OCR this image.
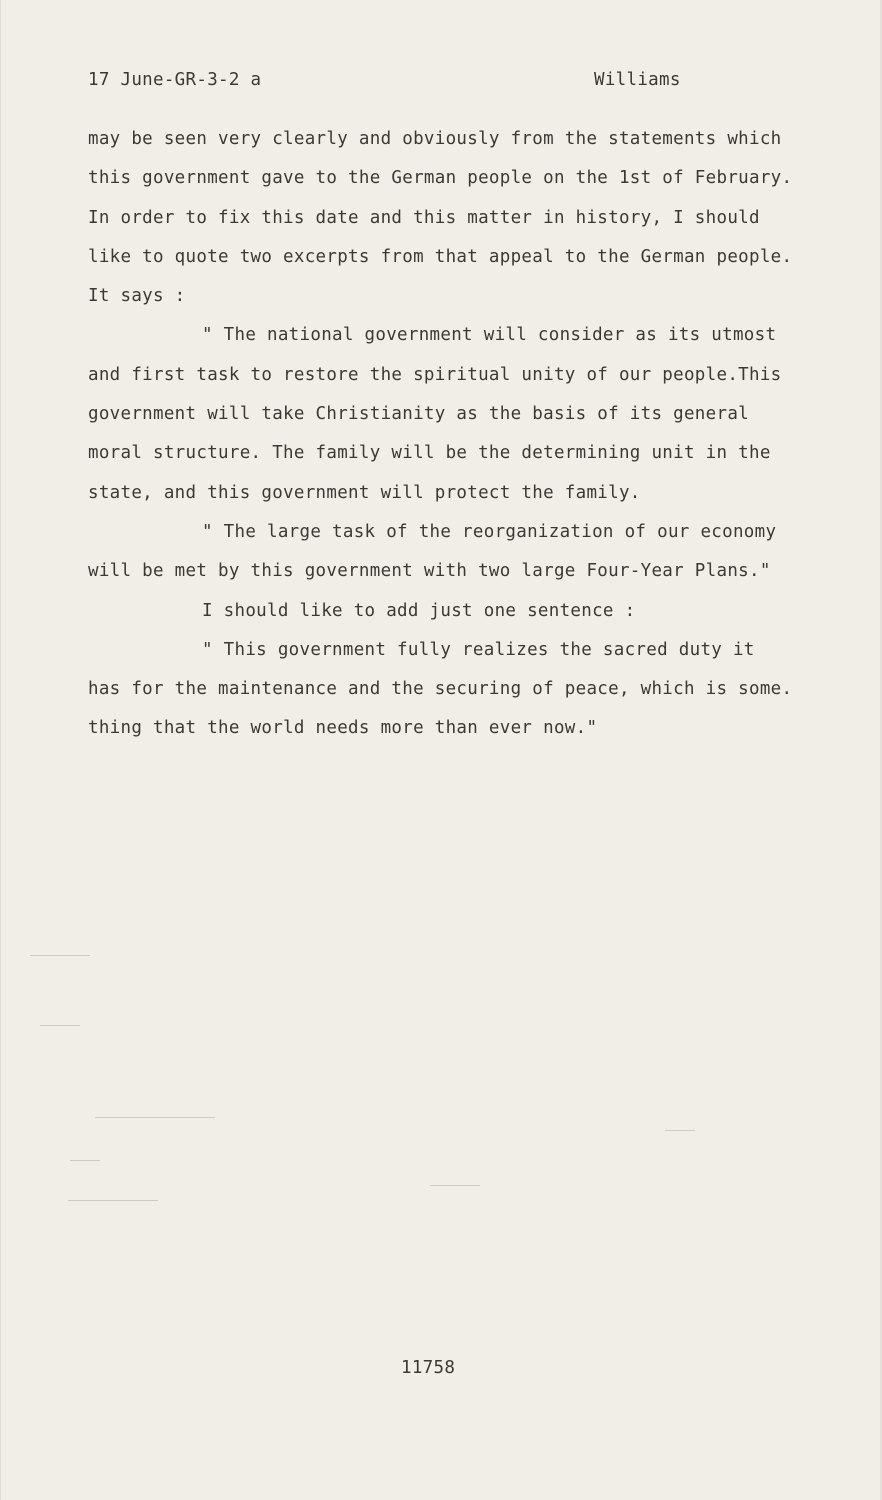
17 June-GR-3-2 a	Williams
may be seen very clearly and obviously from the statements which
this government gave to the German people on the 1st of February.
In order to fix this date and this matter in history, I should
like to quote two excerpts from that appeal to the German people.
It says :
" The national government will consider as its utmost
and first task to restore the spiritual unity of our people.This
government will take Christianity as the basis of its general
moral structure. The family will be the determining unit in the
state, and this government will protect the family.
" The large task of the reorganization of our economy
will be met by this government with two large Four-Year Plans."
I should like to add just one sentence :
" This government fully realizes the sacred duty it
has for the maintenance and the securing of peace, which is some.
thing that the world needs more than ever now."
11758
